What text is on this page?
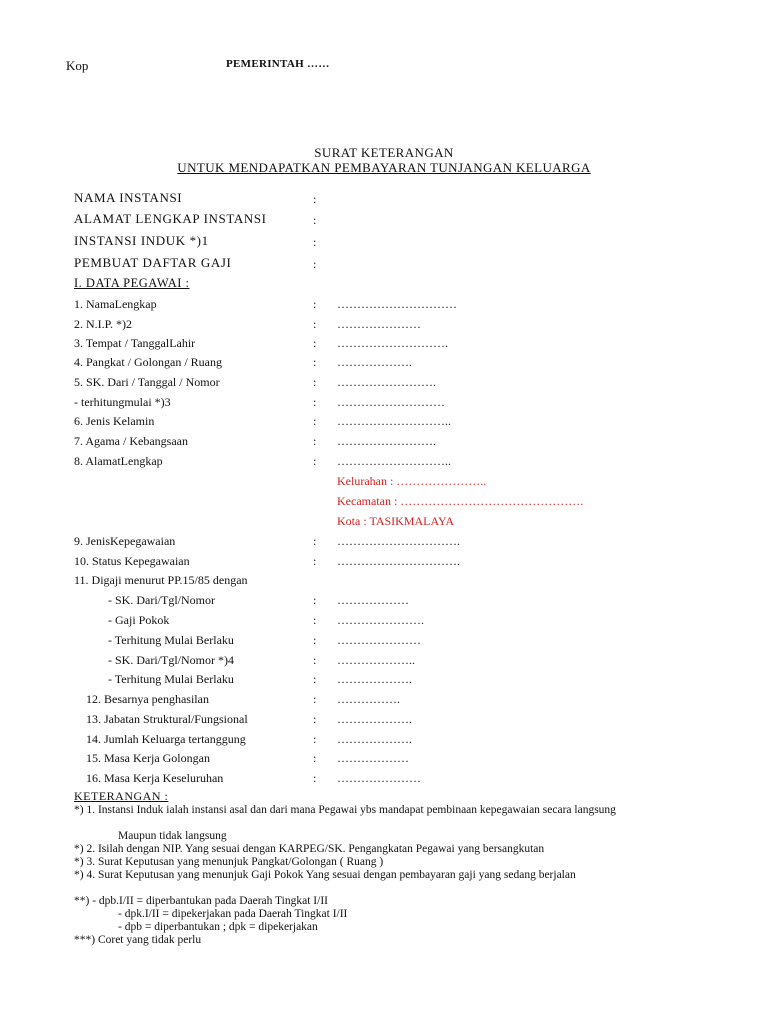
Kop	PEMERINTAH ……
SURAT KETERANGAN
UNTUK MENDAPATKAN PEMBAYARAN TUNJANGAN KELUARGA
NAMA INSTANSI	:
ALAMAT LENGKAP INSTANSI	:
INSTANSI INDUK *)1	:
PEMBUAT DAFTAR GAJI	:
I. DATA PEGAWAI :
1. NamaLengkap	: …………………………
2. N.I.P. *)2	: …………………
3. Tempat / TanggalLahir	: ……………………….
4. Pangkat / Golongan / Ruang	: ……………….
5. SK. Dari / Tanggal / Nomor	: …………………….
- terhitungmulai *)3	: ………………………
6. Jenis Kelamin	: ………………………..
7. Agama / Kebangsaan	: …………………….
8. AlamatLengkap	: ………………………..
Kelurahan : …………………..
Kecamatan : ……………………………………….
Kota : TASIKMALAYA
9. JenisKepegawaian	: ………………………….
10. Status Kepegawaian	: ………………………….
11. Digaji menurut PP.15/85 dengan
- SK. Dari/Tgl/Nomor	: ………………
- Gaji Pokok	: ………………….
- Terhitung Mulai Berlaku	: …………………
- SK. Dari/Tgl/Nomor *)4	: ………………..
- Terhitung Mulai Berlaku	: ……………….
12. Besarnya penghasilan	: …………….
13. Jabatan Struktural/Fungsional	: ……………….
14. Jumlah Keluarga tertanggung	: ……………….
15. Masa Kerja Golongan	: ………………
16. Masa Kerja Keseluruhan	: …………………
KETERANGAN :
*) 1. Instansi Induk ialah instansi asal dan dari mana Pegawai ybs mandapat pembinaan kepegawaian secara langsung
Maupun tidak langsung
*) 2. Isilah dengan NIP. Yang sesuai dengan KARPEG/SK. Pengangkatan Pegawai yang bersangkutan
*) 3. Surat Keputusan yang menunjuk Pangkat/Golongan ( Ruang )
*) 4. Surat Keputusan yang menunjuk Gaji Pokok Yang sesuai dengan pembayaran gaji yang sedang berjalan
**) - dpb.I/II = diperbantukan pada Daerah Tingkat I/II
- dpk.I/II = dipekerjakan pada Daerah Tingkat I/II
- dpb = diperbantukan ; dpk = dipekerjakan
***) Coret yang tidak perlu
